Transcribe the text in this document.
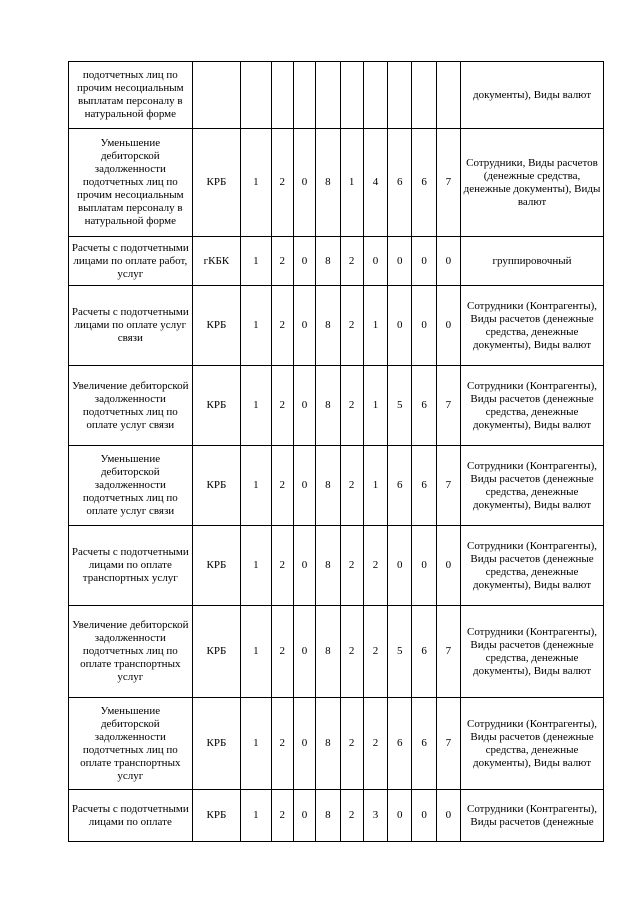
подотчетных лиц по прочим несоциальным выплатам персоналу в натуральной форме											документы), Виды валют
Уменьшение дебиторской задолженности подотчетных лиц по прочим несоциальным выплатам персоналу в натуральной форме	КРБ	1	2	0	8	1	4	6	6	7	Сотрудники, Виды расчетов (денежные средства, денежные документы), Виды валют
Расчеты с подотчетными лицами по оплате работ, услуг	гКБК	1	2	0	8	2	0	0	0	0	группировочный
Расчеты с подотчетными лицами по оплате услуг связи	КРБ	1	2	0	8	2	1	0	0	0	Сотрудники (Контрагенты), Виды расчетов (денежные средства, денежные документы), Виды валют
Увеличение дебиторской задолженности подотчетных лиц по оплате услуг связи	КРБ	1	2	0	8	2	1	5	6	7	Сотрудники (Контрагенты), Виды расчетов (денежные средства, денежные документы), Виды валют
Уменьшение дебиторской задолженности подотчетных лиц по оплате услуг связи	КРБ	1	2	0	8	2	1	6	6	7	Сотрудники (Контрагенты), Виды расчетов (денежные средства, денежные документы), Виды валют
Расчеты с подотчетными лицами по оплате транспортных услуг	КРБ	1	2	0	8	2	2	0	0	0	Сотрудники (Контрагенты), Виды расчетов (денежные средства, денежные документы), Виды валют
Увеличение дебиторской задолженности подотчетных лиц по оплате транспортных услуг	КРБ	1	2	0	8	2	2	5	6	7	Сотрудники (Контрагенты), Виды расчетов (денежные средства, денежные документы), Виды валют
Уменьшение дебиторской задолженности подотчетных лиц по оплате транспортных услуг	КРБ	1	2	0	8	2	2	6	6	7	Сотрудники (Контрагенты), Виды расчетов (денежные средства, денежные документы), Виды валют
Расчеты с подотчетными лицами по оплате	КРБ	1	2	0	8	2	3	0	0	0	Сотрудники (Контрагенты), Виды расчетов (денежные
